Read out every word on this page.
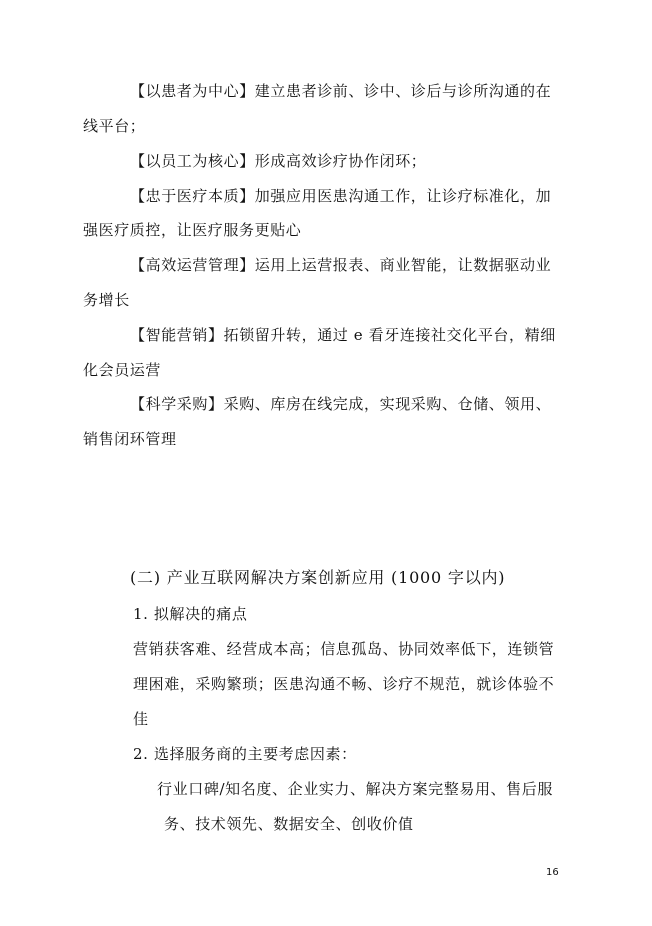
【以患者为中心】建立患者诊前、诊中、诊后与诊所沟通的在
线平台；
【以员工为核心】形成高效诊疗协作闭环；
【忠于医疗本质】加强应用医患沟通工作，让诊疗标准化，加
强医疗质控，让医疗服务更贴心
【高效运营管理】运用上运营报表、商业智能，让数据驱动业
务增长
【智能营销】拓锁留升转，通过 e 看牙连接社交化平台，精细
化会员运营
【科学采购】采购、库房在线完成，实现采购、仓储、领用、
销售闭环管理
(二) 产业互联网解决方案创新应用 (1000 字以内)
1. 拟解决的痛点
营销获客难、经营成本高；信息孤岛、协同效率低下，连锁管
理困难，采购繁琐；医患沟通不畅、诊疗不规范，就诊体验不
佳
2. 选择服务商的主要考虑因素：
行业口碑/知名度、企业实力、解决方案完整易用、售后服
务、技术领先、数据安全、创收价值
16
